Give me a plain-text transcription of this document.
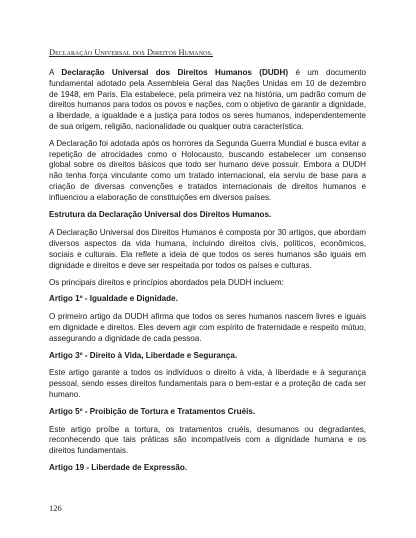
Declaração Universal dos Direitos Humanos.

A Declaração Universal dos Direitos Humanos (DUDH) é um documento fundamental adotado pela Assembleia Geral das Nações Unidas em 10 de dezembro de 1948, em Paris. Ela estabelece, pela primeira vez na história, um padrão comum de direitos humanos para todos os povos e nações, com o objetivo de garantir a dignidade, a liberdade, a igualdade e a justiça para todos os seres humanos, independentemente de sua origem, religião, nacionalidade ou qualquer outra característica.

A Declaração foi adotada após os horrores da Segunda Guerra Mundial e busca evitar a repetição de atrocidades como o Holocausto, buscando estabelecer um consenso global sobre os direitos básicos que todo ser humano deve possuir. Embora a DUDH não tenha força vinculante como um tratado internacional, ela serviu de base para a criação de diversas convenções e tratados internacionais de direitos humanos e influenciou a elaboração de constituições em diversos países.

Estrutura da Declaração Universal dos Direitos Humanos.

A Declaração Universal dos Direitos Humanos é composta por 30 artigos, que abordam diversos aspectos da vida humana, incluindo direitos civis, políticos, econômicos, sociais e culturais. Ela reflete a ideia de que todos os seres humanos são iguais em dignidade e direitos e deve ser respeitada por todos os países e culturas.

Os principais direitos e princípios abordados pela DUDH incluem:

Artigo 1º - Igualdade e Dignidade.

O primeiro artigo da DUDH afirma que todos os seres humanos nascem livres e iguais em dignidade e direitos. Eles devem agir com espírito de fraternidade e respeito mútuo, assegurando a dignidade de cada pessoa.

Artigo 3º - Direito à Vida, Liberdade e Segurança.

Este artigo garante a todos os indivíduos o direito à vida, à liberdade e à segurança pessoal, sendo esses direitos fundamentais para o bem-estar e a proteção de cada ser humano.

Artigo 5º - Proibição de Tortura e Tratamentos Cruéis.

Este artigo proíbe a tortura, os tratamentos cruéis, desumanos ou degradantes, reconhecendo que tais práticas são incompatíveis com a dignidade humana e os direitos fundamentais.

Artigo 19 - Liberdade de Expressão.

126
